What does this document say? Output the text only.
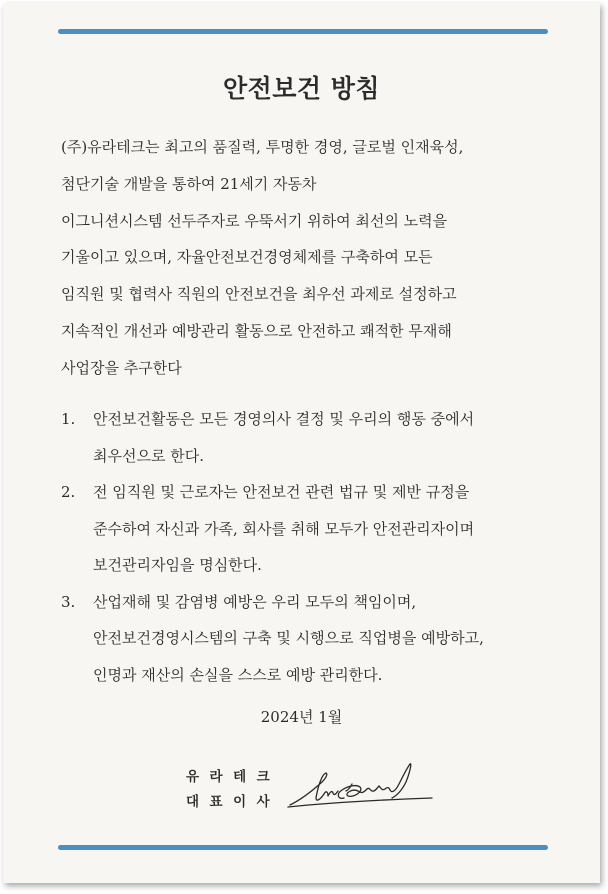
안전보건 방침
(주)유라테크는 최고의 품질력, 투명한 경영, 글로벌 인재육성,
첨단기술 개발을 통하여 21세기 자동차
이그니션시스템 선두주자로 우뚝서기 위하여 최선의 노력을
기울이고 있으며, 자율안전보건경영체제를 구축하여 모든
임직원 및 협력사 직원의 안전보건을 최우선 과제로 설정하고
지속적인 개선과 예방관리 활동으로 안전하고 쾌적한 무재해
사업장을 추구한다
1.	안전보건활동은 모든 경영의사 결정 및 우리의 행동 중에서
최우선으로 한다.
2.	전 임직원 및 근로자는 안전보건 관련 법규 및 제반 규정을
준수하여 자신과 가족, 회사를 취해 모두가 안전관리자이며
보건관리자임을 명심한다.
3.	산업재해 및 감염병 예방은 우리 모두의 책임이며,
안전보건경영시스템의 구축 및 시행으로 직업병을 예방하고,
인명과 재산의 손실을 스스로 예방 관리한다.
2024년 1월
유라테크
대표이사
